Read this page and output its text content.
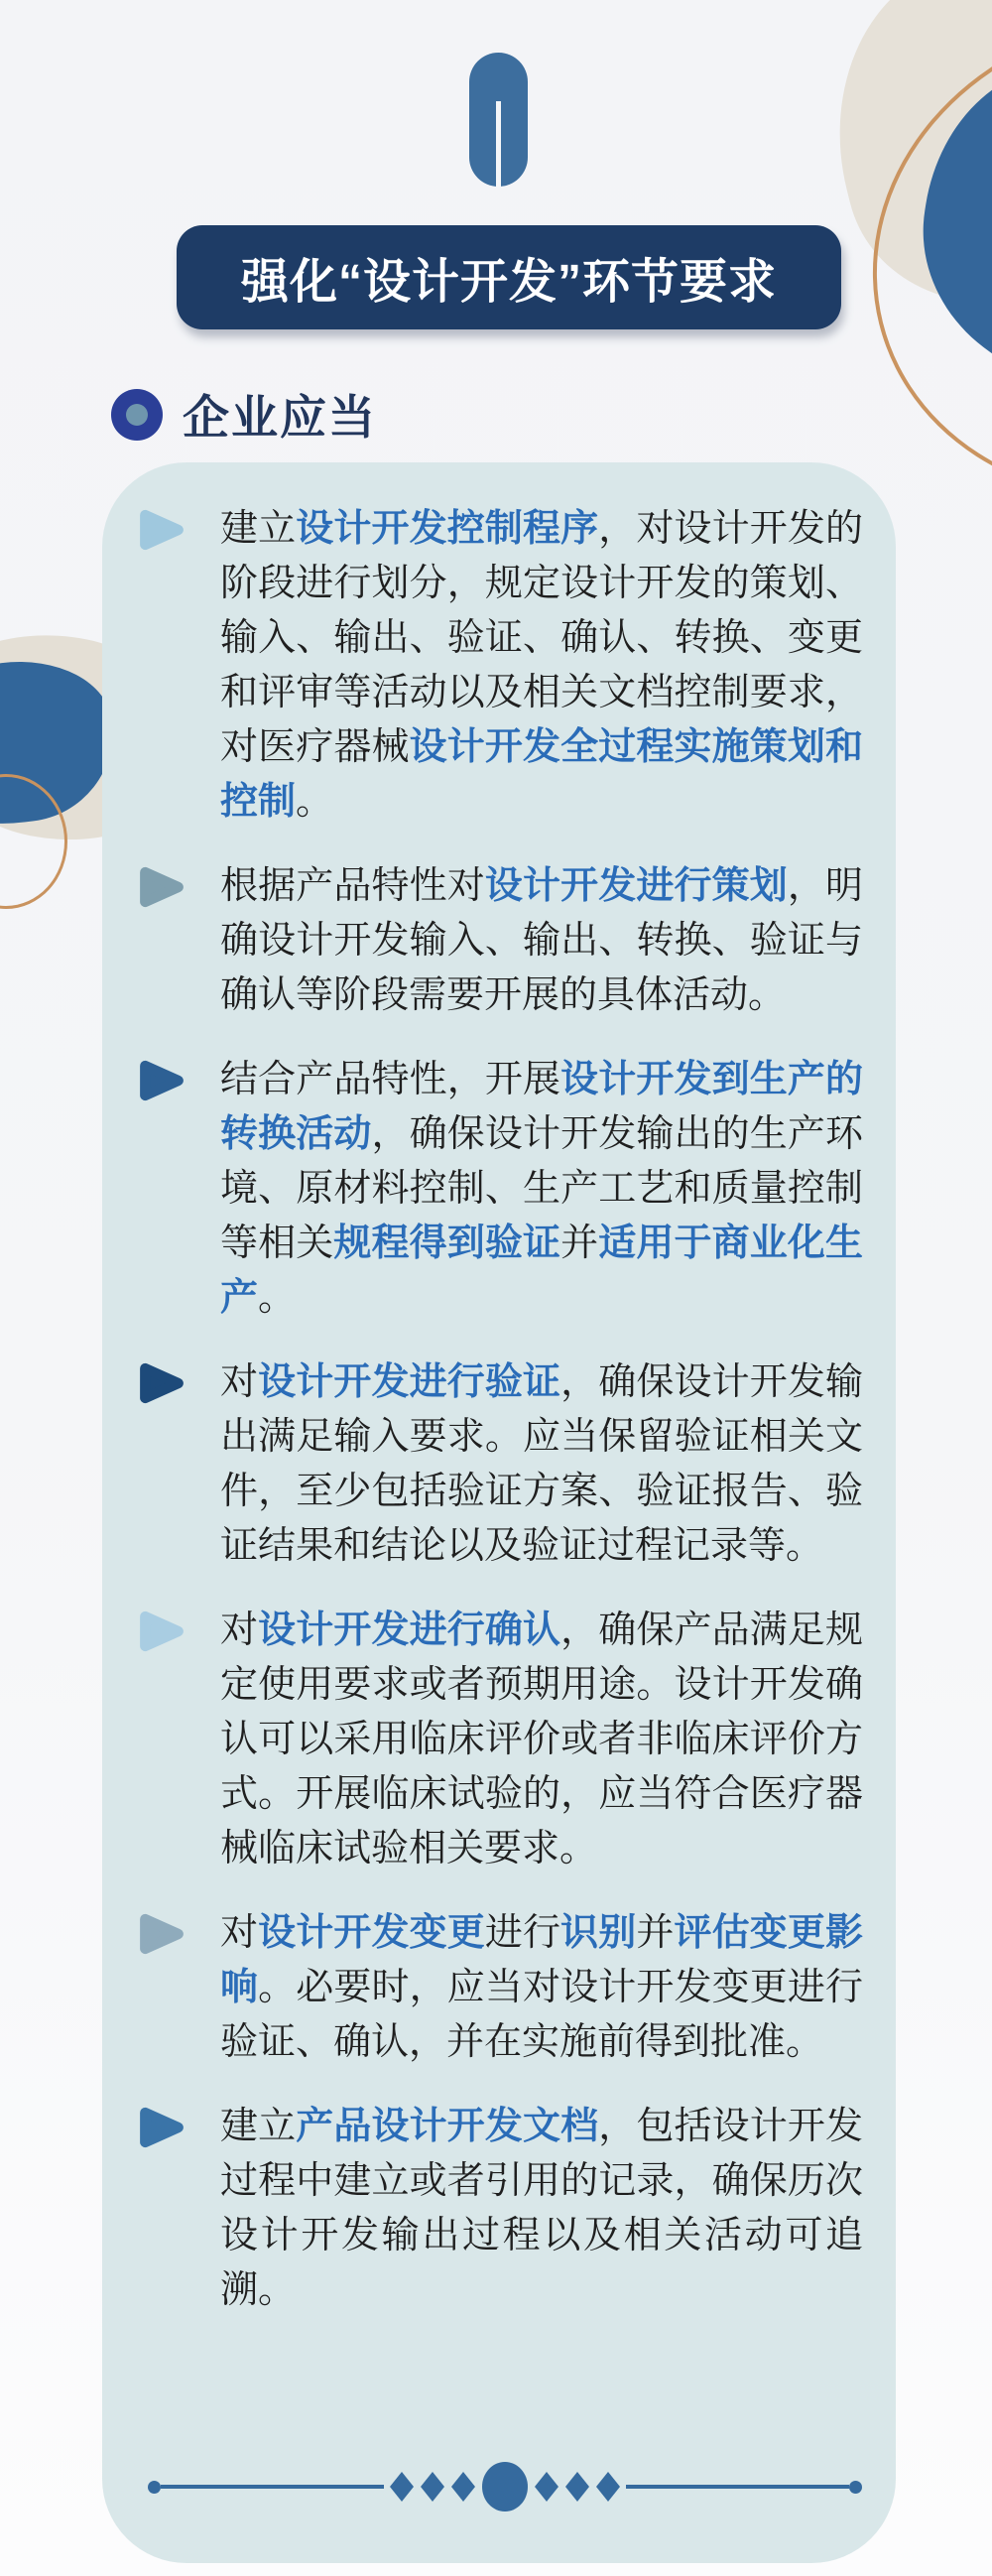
强化“设计开发”环节要求
企业应当

建立设计开发控制程序，对设计开发的阶段进行划分，规定设计开发的策划、输入、输出、验证、确认、转换、变更和评审等活动以及相关文档控制要求，对医疗器械设计开发全过程实施策划和控制。

根据产品特性对设计开发进行策划，明确设计开发输入、输出、转换、验证与确认等阶段需要开展的具体活动。

结合产品特性，开展设计开发到生产的转换活动，确保设计开发输出的生产环境、原材料控制、生产工艺和质量控制等相关规程得到验证并适用于商业化生产。

对设计开发进行验证，确保设计开发输出满足输入要求。应当保留验证相关文件，至少包括验证方案、验证报告、验证结果和结论以及验证过程记录等。

对设计开发进行确认，确保产品满足规定使用要求或者预期用途。设计开发确认可以采用临床评价或者非临床评价方式。开展临床试验的，应当符合医疗器械临床试验相关要求。

对设计开发变更进行识别并评估变更影响。必要时，应当对设计开发变更进行验证、确认，并在实施前得到批准。

建立产品设计开发文档，包括设计开发过程中建立或者引用的记录，确保历次设计开发输出过程以及相关活动可追溯。
